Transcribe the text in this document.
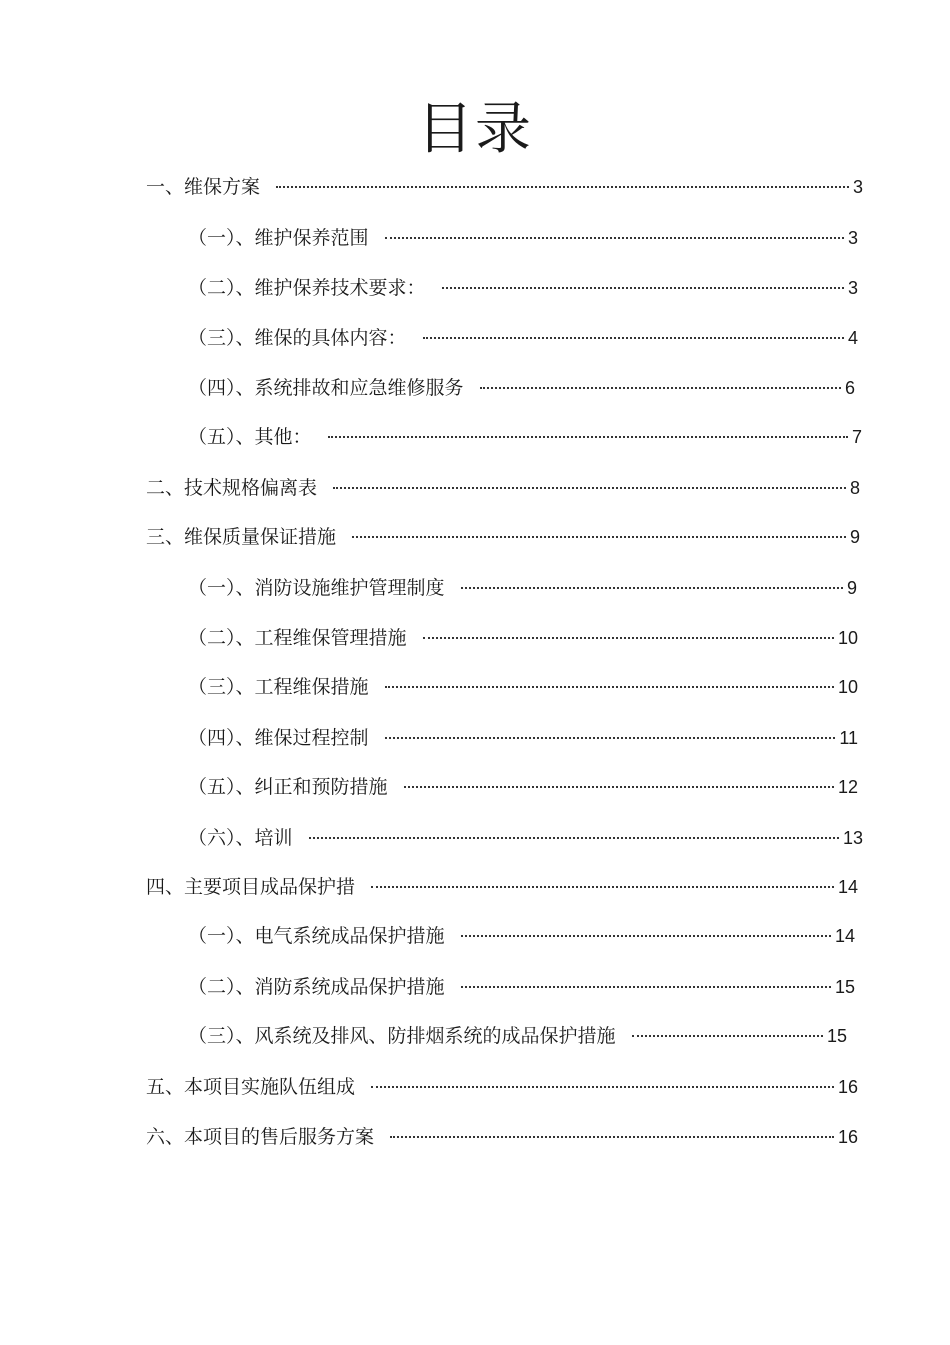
目录
一、维保方案	3
（一）、维护保养范围	3
（二）、维护保养技术要求：	3
（三）、维保的具体内容：	4
（四）、系统排故和应急维修服务	6
（五）、其他：	7
二、技术规格偏离表	8
三、维保质量保证措施	9
（一）、消防设施维护管理制度	9
（二）、工程维保管理措施	10
（三）、工程维保措施	10
（四）、维保过程控制	11
（五）、纠正和预防措施	12
（六）、培训	13
四、主要项目成品保护措	14
（一）、电气系统成品保护措施	14
（二）、消防系统成品保护措施	15
（三）、风系统及排风、防排烟系统的成品保护措施	15
五、本项目实施队伍组成	16
六、本项目的售后服务方案	16
